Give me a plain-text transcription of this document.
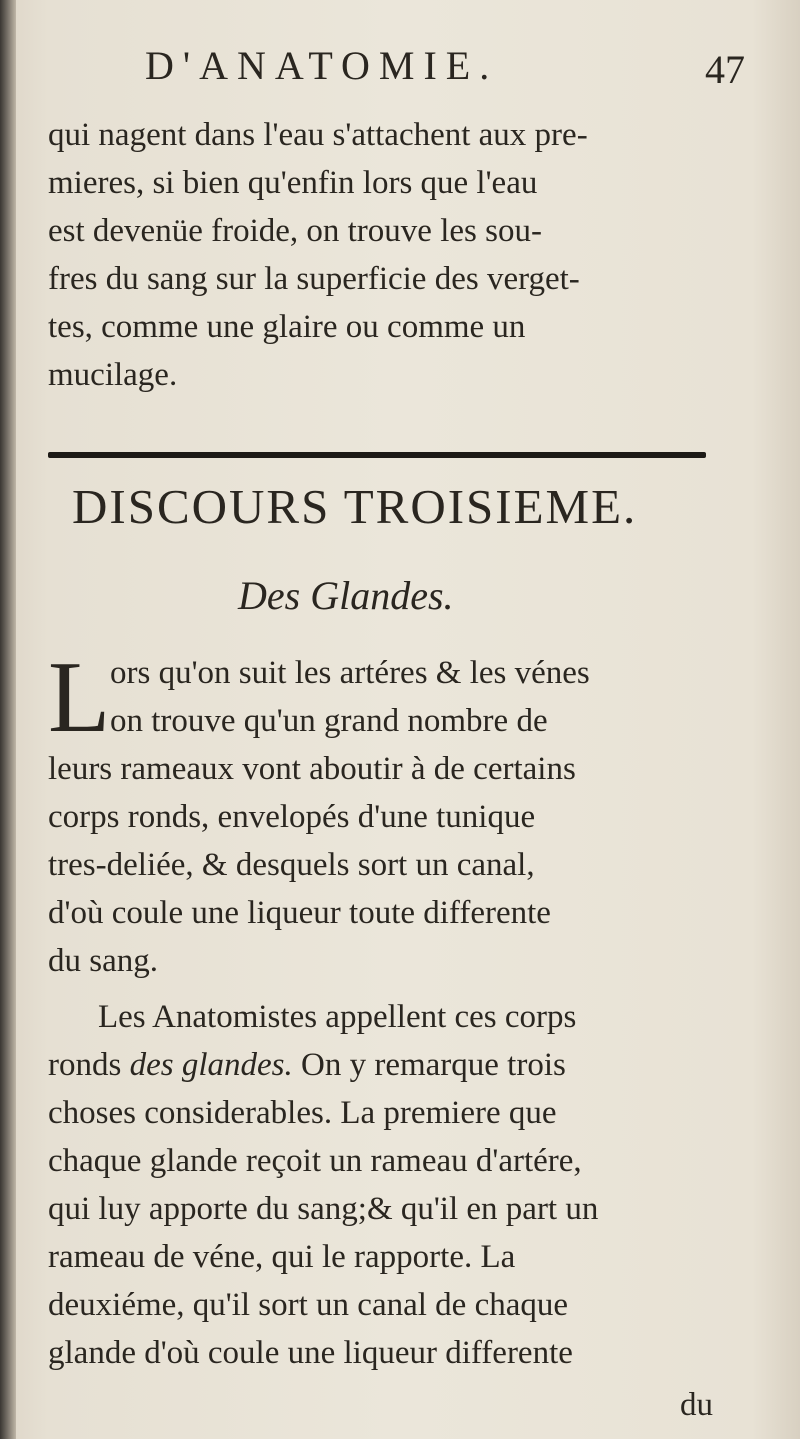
D'ANATOMIE.	47
qui nagent dans l'eau s'attachent aux pre-
mieres, si bien qu'enfin lors que l'eau
est devenüe froide, on trouve les sou-
fres du sang sur la superficie des verget-
tes, comme une glaire ou comme un
mucilage.
DISCOURS TROISIEME.
Des Glandes.
L ors qu'on suit les artéres & les vénes
on trouve qu'un grand nombre de
leurs rameaux vont aboutir à de certains
corps ronds, envelopés d'une tunique
tres-deliée, & desquels sort un canal,
d'où coule une liqueur toute differente
du sang.
Les Anatomistes appellent ces corps
ronds des glandes. On y remarque trois
choses considerables. La premiere que
chaque glande reçoit un rameau d'artére,
qui luy apporte du sang;& qu'il en part un
rameau de véne, qui le rapporte. La
deuxiéme, qu'il sort un canal de chaque
glande d'où coule une liqueur differente
du
